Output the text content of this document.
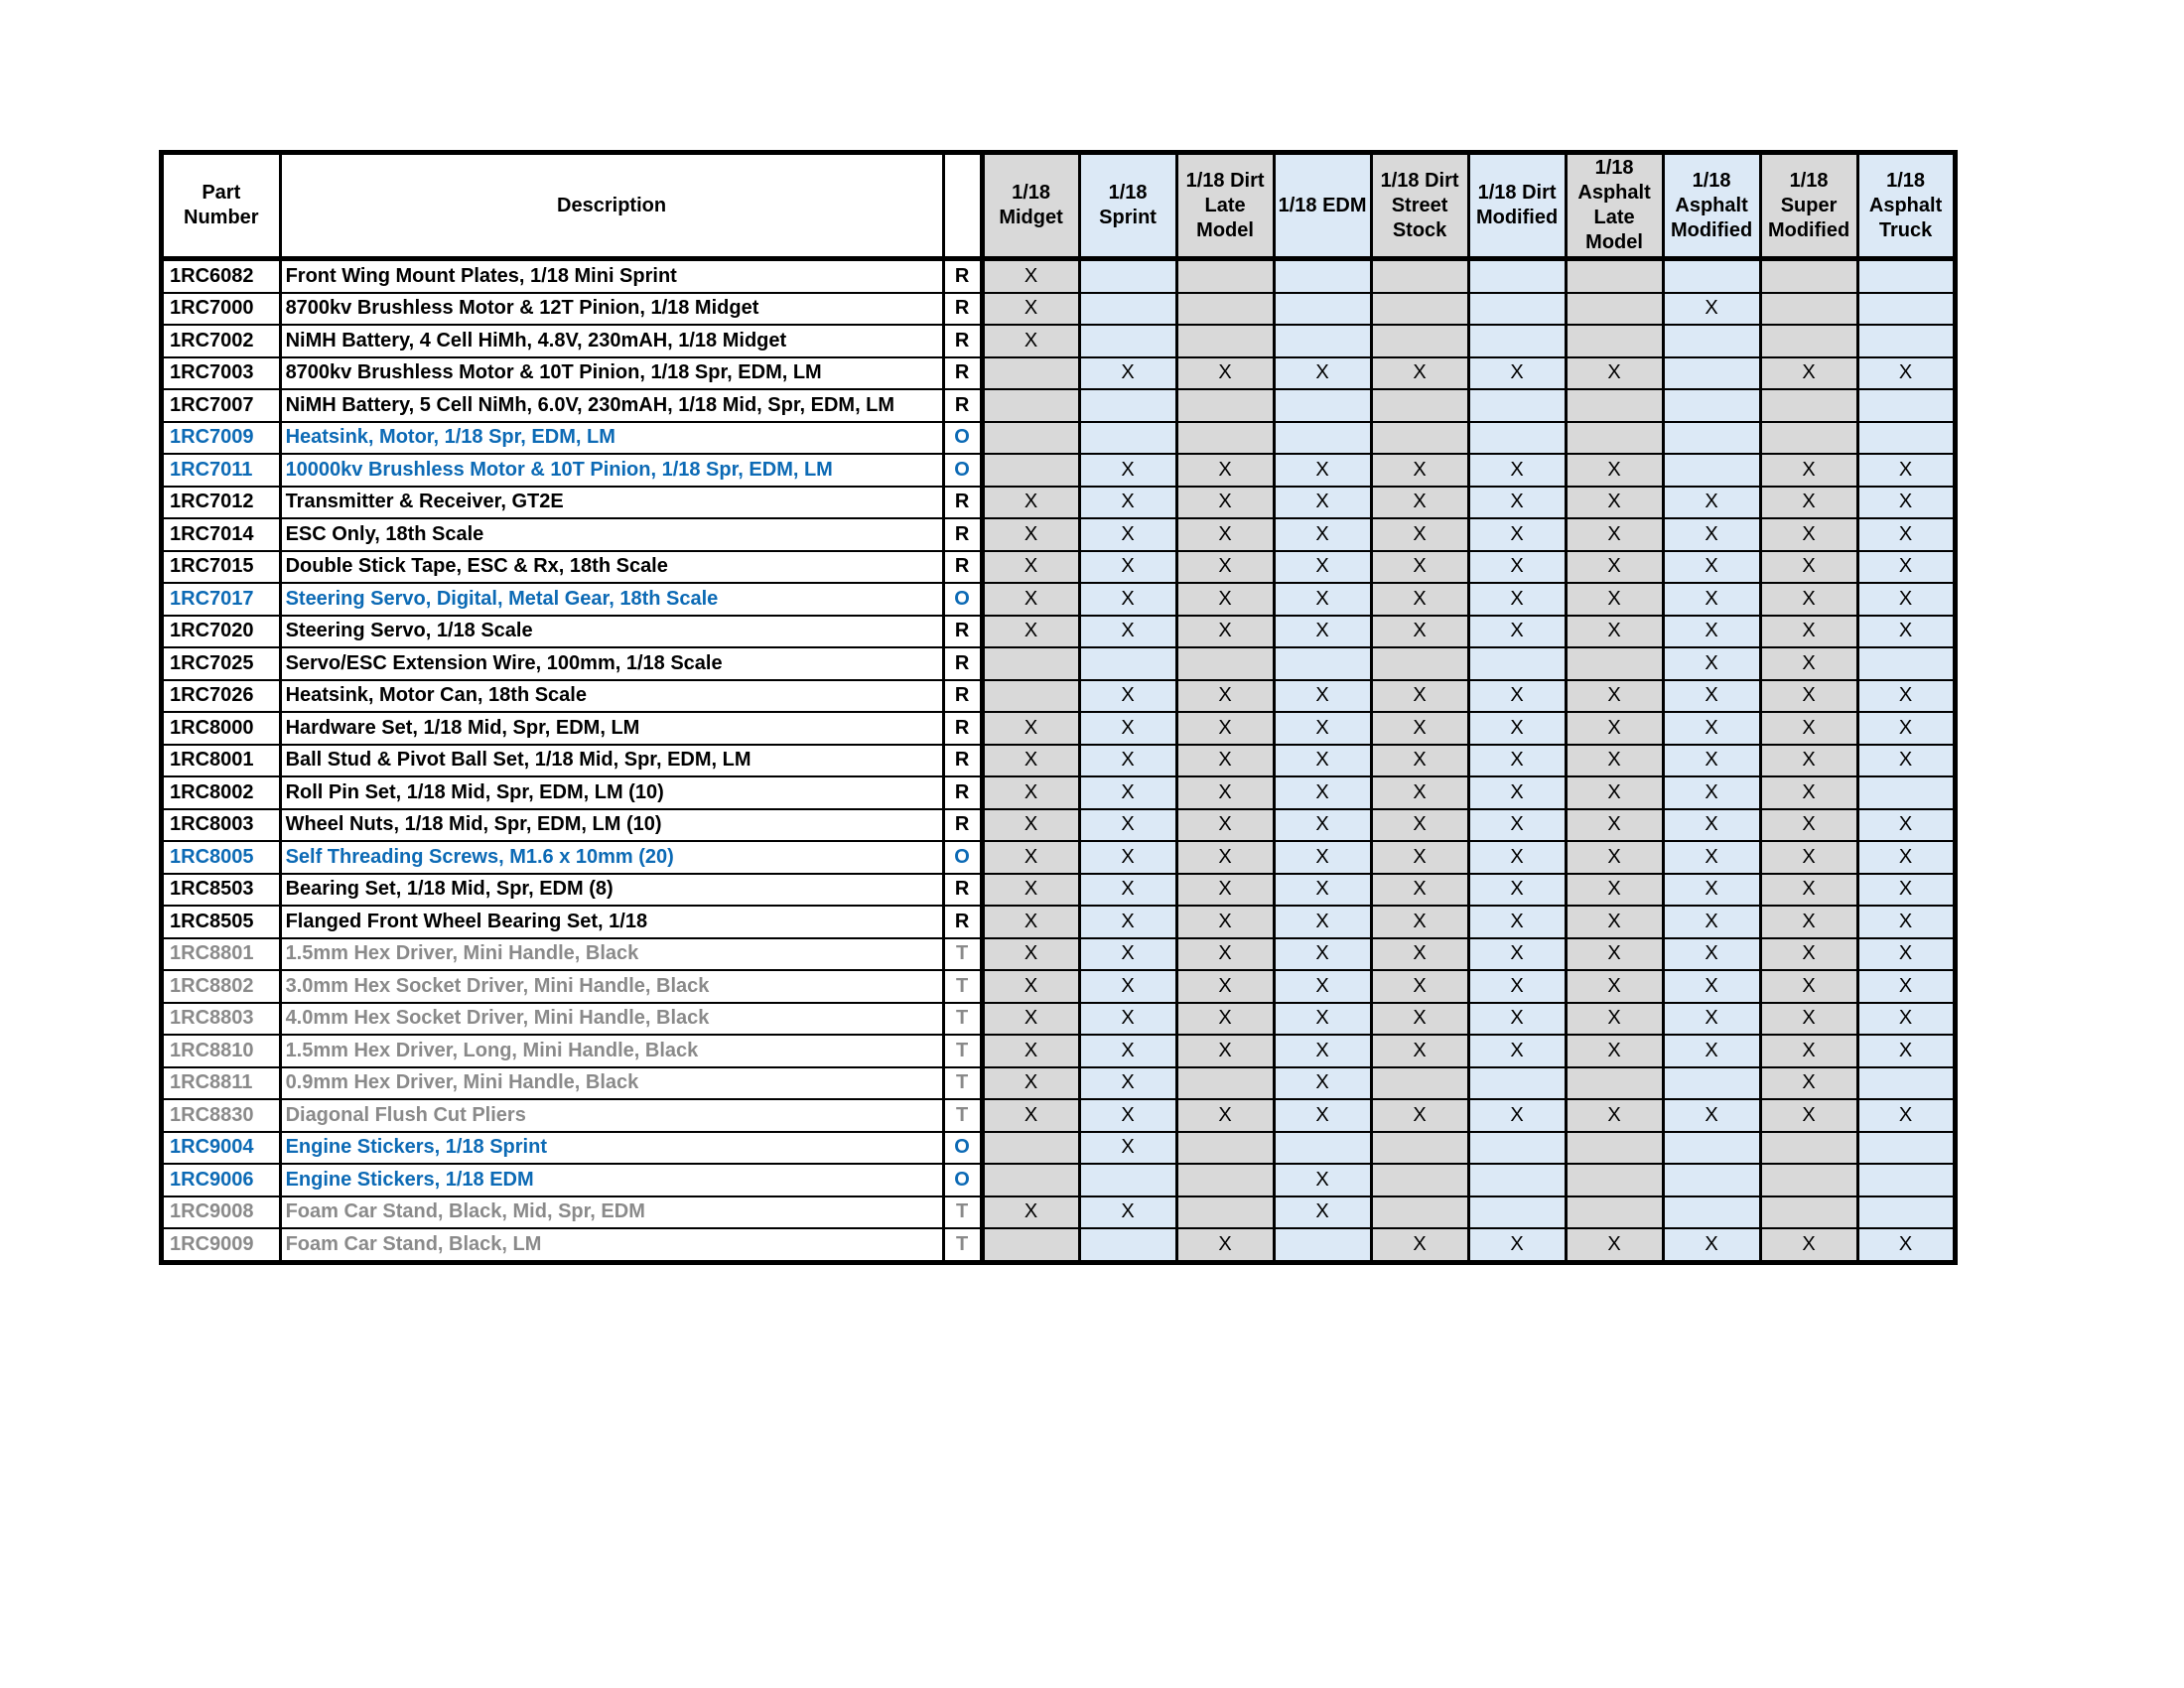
Part Number	Description		1/18 Midget	1/18 Sprint	1/18 Dirt Late Model	1/18 EDM	1/18 Dirt Street Stock	1/18 Dirt Modified	1/18 Asphalt Late Model	1/18 Asphalt Modified	1/18 Super Modified	1/18 Asphalt Truck
1RC6082	Front Wing Mount Plates, 1/18 Mini Sprint	R	X									
1RC7000	8700kv Brushless Motor & 12T Pinion, 1/18 Midget	R	X							X		
1RC7002	NiMH Battery, 4 Cell HiMh, 4.8V, 230mAH, 1/18 Midget	R	X									
1RC7003	8700kv Brushless Motor & 10T Pinion, 1/18 Spr, EDM, LM	R		X	X	X	X	X	X		X	X
1RC7007	NiMH Battery, 5 Cell NiMh, 6.0V, 230mAH, 1/18 Mid, Spr, EDM, LM	R										
1RC7009	Heatsink, Motor, 1/18 Spr, EDM, LM	O										
1RC7011	10000kv Brushless Motor & 10T Pinion, 1/18 Spr, EDM, LM	O		X	X	X	X	X	X		X	X
1RC7012	Transmitter & Receiver, GT2E	R	X	X	X	X	X	X	X	X	X	X
1RC7014	ESC Only, 18th Scale	R	X	X	X	X	X	X	X	X	X	X
1RC7015	Double Stick Tape, ESC & Rx, 18th Scale	R	X	X	X	X	X	X	X	X	X	X
1RC7017	Steering Servo, Digital, Metal Gear, 18th Scale	O	X	X	X	X	X	X	X	X	X	X
1RC7020	Steering Servo, 1/18 Scale	R	X	X	X	X	X	X	X	X	X	X
1RC7025	Servo/ESC Extension Wire, 100mm, 1/18 Scale	R								X	X	
1RC7026	Heatsink, Motor Can, 18th Scale	R		X	X	X	X	X	X	X	X	X
1RC8000	Hardware Set, 1/18 Mid, Spr, EDM, LM	R	X	X	X	X	X	X	X	X	X	X
1RC8001	Ball Stud & Pivot Ball Set, 1/18 Mid, Spr, EDM, LM	R	X	X	X	X	X	X	X	X	X	X
1RC8002	Roll Pin Set, 1/18 Mid, Spr, EDM, LM (10)	R	X	X	X	X	X	X	X	X	X	
1RC8003	Wheel Nuts, 1/18 Mid, Spr, EDM, LM (10)	R	X	X	X	X	X	X	X	X	X	X
1RC8005	Self Threading Screws, M1.6 x 10mm (20)	O	X	X	X	X	X	X	X	X	X	X
1RC8503	Bearing Set, 1/18 Mid, Spr, EDM (8)	R	X	X	X	X	X	X	X	X	X	X
1RC8505	Flanged Front Wheel Bearing Set, 1/18	R	X	X	X	X	X	X	X	X	X	X
1RC8801	1.5mm Hex Driver, Mini Handle, Black	T	X	X	X	X	X	X	X	X	X	X
1RC8802	3.0mm Hex Socket Driver, Mini Handle, Black	T	X	X	X	X	X	X	X	X	X	X
1RC8803	4.0mm Hex Socket Driver, Mini Handle, Black	T	X	X	X	X	X	X	X	X	X	X
1RC8810	1.5mm Hex Driver, Long, Mini Handle, Black	T	X	X	X	X	X	X	X	X	X	X
1RC8811	0.9mm Hex Driver, Mini Handle, Black	T	X	X		X					X	
1RC8830	Diagonal Flush Cut Pliers	T	X	X	X	X	X	X	X	X	X	X
1RC9004	Engine Stickers, 1/18 Sprint	O		X								
1RC9006	Engine Stickers, 1/18 EDM	O				X						
1RC9008	Foam Car Stand, Black, Mid, Spr, EDM	T	X	X		X						
1RC9009	Foam Car Stand, Black, LM	T			X		X	X	X	X	X	X
